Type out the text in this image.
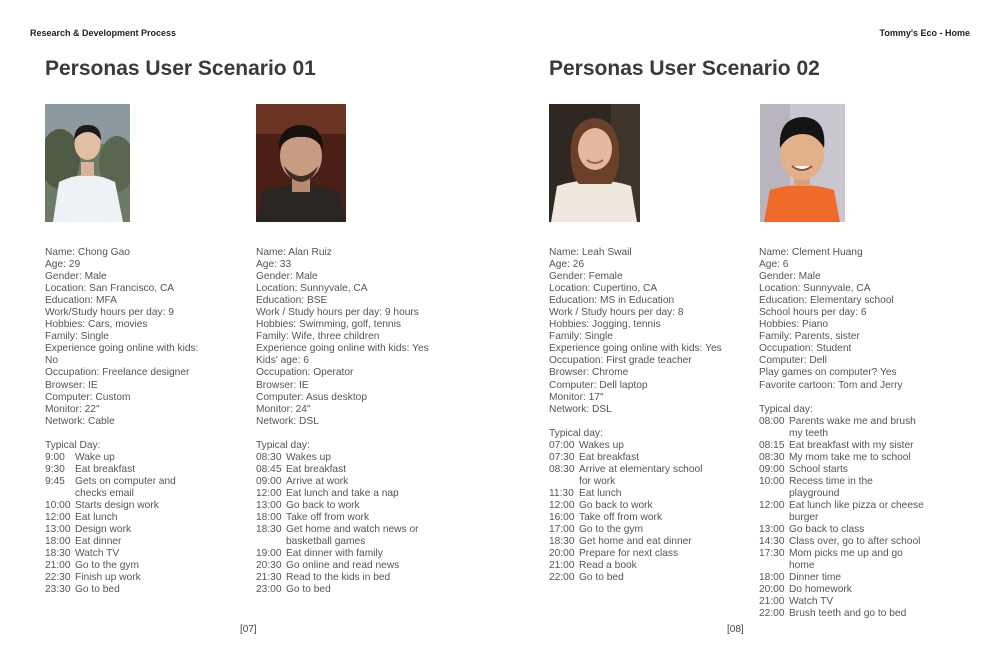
Research & Development Process	Tommy's Eco - Home
Personas User Scenario 01	Personas User Scenario 02
Name: Chong Gao
Age: 29
Gender: Male
Location: San Francisco, CA
Education: MFA
Work/Study hours per day: 9
Hobbies: Cars, movies
Family: Single
Experience going online with kids:
No
Occupation: Freelance designer
Browser: IE
Computer: Custom
Monitor: 22"
Network: Cable
Typical Day:
9:00 Wake up
9:30 Eat breakfast
9:45 Gets on computer and checks email
10:00 Starts design work
12:00 Eat lunch
13:00 Design work
18:00 Eat dinner
18:30 Watch TV
21:00 Go to the gym
22:30 Finish up work
23:30 Go to bed
Name: Alan Ruiz
Age: 33
Gender: Male
Location: Sunnyvale, CA
Education: BSE
Work / Study hours per day: 9 hours
Hobbies: Swimming, golf, tennis
Family: Wife, three children
Experience going online with kids: Yes
Kids' age: 6
Occupation: Operator
Browser: IE
Computer: Asus desktop
Monitor: 24"
Network: DSL
Typical day:
08:30 Wakes up
08:45 Eat breakfast
09:00 Arrive at work
12:00 Eat lunch and take a nap
13:00 Go back to work
18:00 Take off from work
18:30 Get home and watch news or basketball games
19:00 Eat dinner with family
20:30 Go online and read news
21:30 Read to the kids in bed
23:00 Go to bed
Name: Leah Swail
Age: 26
Gender: Female
Location: Cupertino, CA
Education: MS in Education
Work / Study hours per day: 8
Hobbies: Jogging, tennis
Family: Single
Experience going online with kids: Yes
Occupation: First grade teacher
Browser: Chrome
Computer: Dell laptop
Monitor: 17"
Network: DSL
Typical day:
07:00 Wakes up
07:30 Eat breakfast
08:30 Arrive at elementary school for work
11:30 Eat lunch
12:00 Go back to work
16:00 Take off from work
17:00 Go to the gym
18:30 Get home and eat dinner
20:00 Prepare for next class
21:00 Read a book
22:00 Go to bed
Name: Clement Huang
Age: 6
Gender: Male
Location: Sunnyvale, CA
Education: Elementary school
School hours per day: 6
Hobbies: Piano
Family: Parents, sister
Occupation: Student
Computer: Dell
Play games on computer? Yes
Favorite cartoon: Tom and Jerry
Typical day:
08:00 Parents wake me and brush my teeth
08:15 Eat breakfast with my sister
08:30 My mom take me to school
09:00 School starts
10:00 Recess time in the playground
12:00 Eat lunch like pizza or cheese burger
13:00 Go back to class
14:30 Class over, go to after school
17:30 Mom picks me up and go home
18:00 Dinner time
20:00 Do homework
21:00 Watch TV
22:00 Brush teeth and go to bed
[07]	[08]
